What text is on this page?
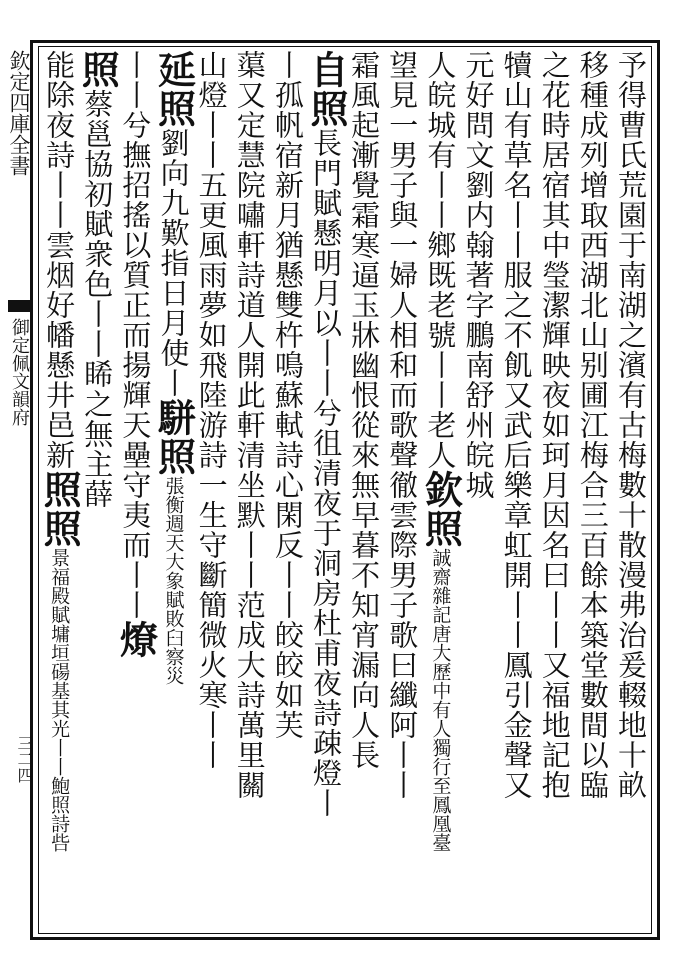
欽定四庫全書
御定佩文韻府
三二四	予得曹氏荒園于南湖之濱有古梅數十散漫弗治爰輟地十畝
移種成列增取西湖北山别圃江梅合三百餘本築堂數間以臨
之花時居宿其中瑩潔輝映夜如珂月因名曰丨丨又福地記抱
犢山有草名丨丨服之不飢又武后樂章虹開丨丨鳳引金聲又
元好問文劉内翰著字鵬南舒州皖城
人皖城有丨丨鄉既老號丨丨老人欽照誠齋雜記唐大歷中有人獨行至鳳凰臺
望見一男子與一婦人相和而歌聲徹雲際男子歌曰纖阿丨丨
霜風起漸覺霜寒逼玉牀幽恨從來無早暮不知宵漏向人長
自照長門賦懸明月以丨丨兮徂清夜于洞房杜甫夜詩疎燈丨
丨孤帆宿新月猶懸雙杵鳴蘇軾詩心閑反丨丨皎皎如芙
蕖又定慧院嘯軒詩道人開此軒清坐默丨丨范成大詩萬里關
山燈丨丨五更風雨夢如飛陸游詩一生守斷簡微火寒丨丨
延照劉向九歎指日月使丨駢照張衡週天大象賦敗臼察災
丨丨兮撫招搖以質正而揚輝天壘守夷而丨丨燎
照蔡邕協初賦衆色丨丨睎之無主薛
能除夜詩丨丨雲烟好幡懸井邑新照照景福殿賦墉垣碭基其光丨丨鮑照詩呰
